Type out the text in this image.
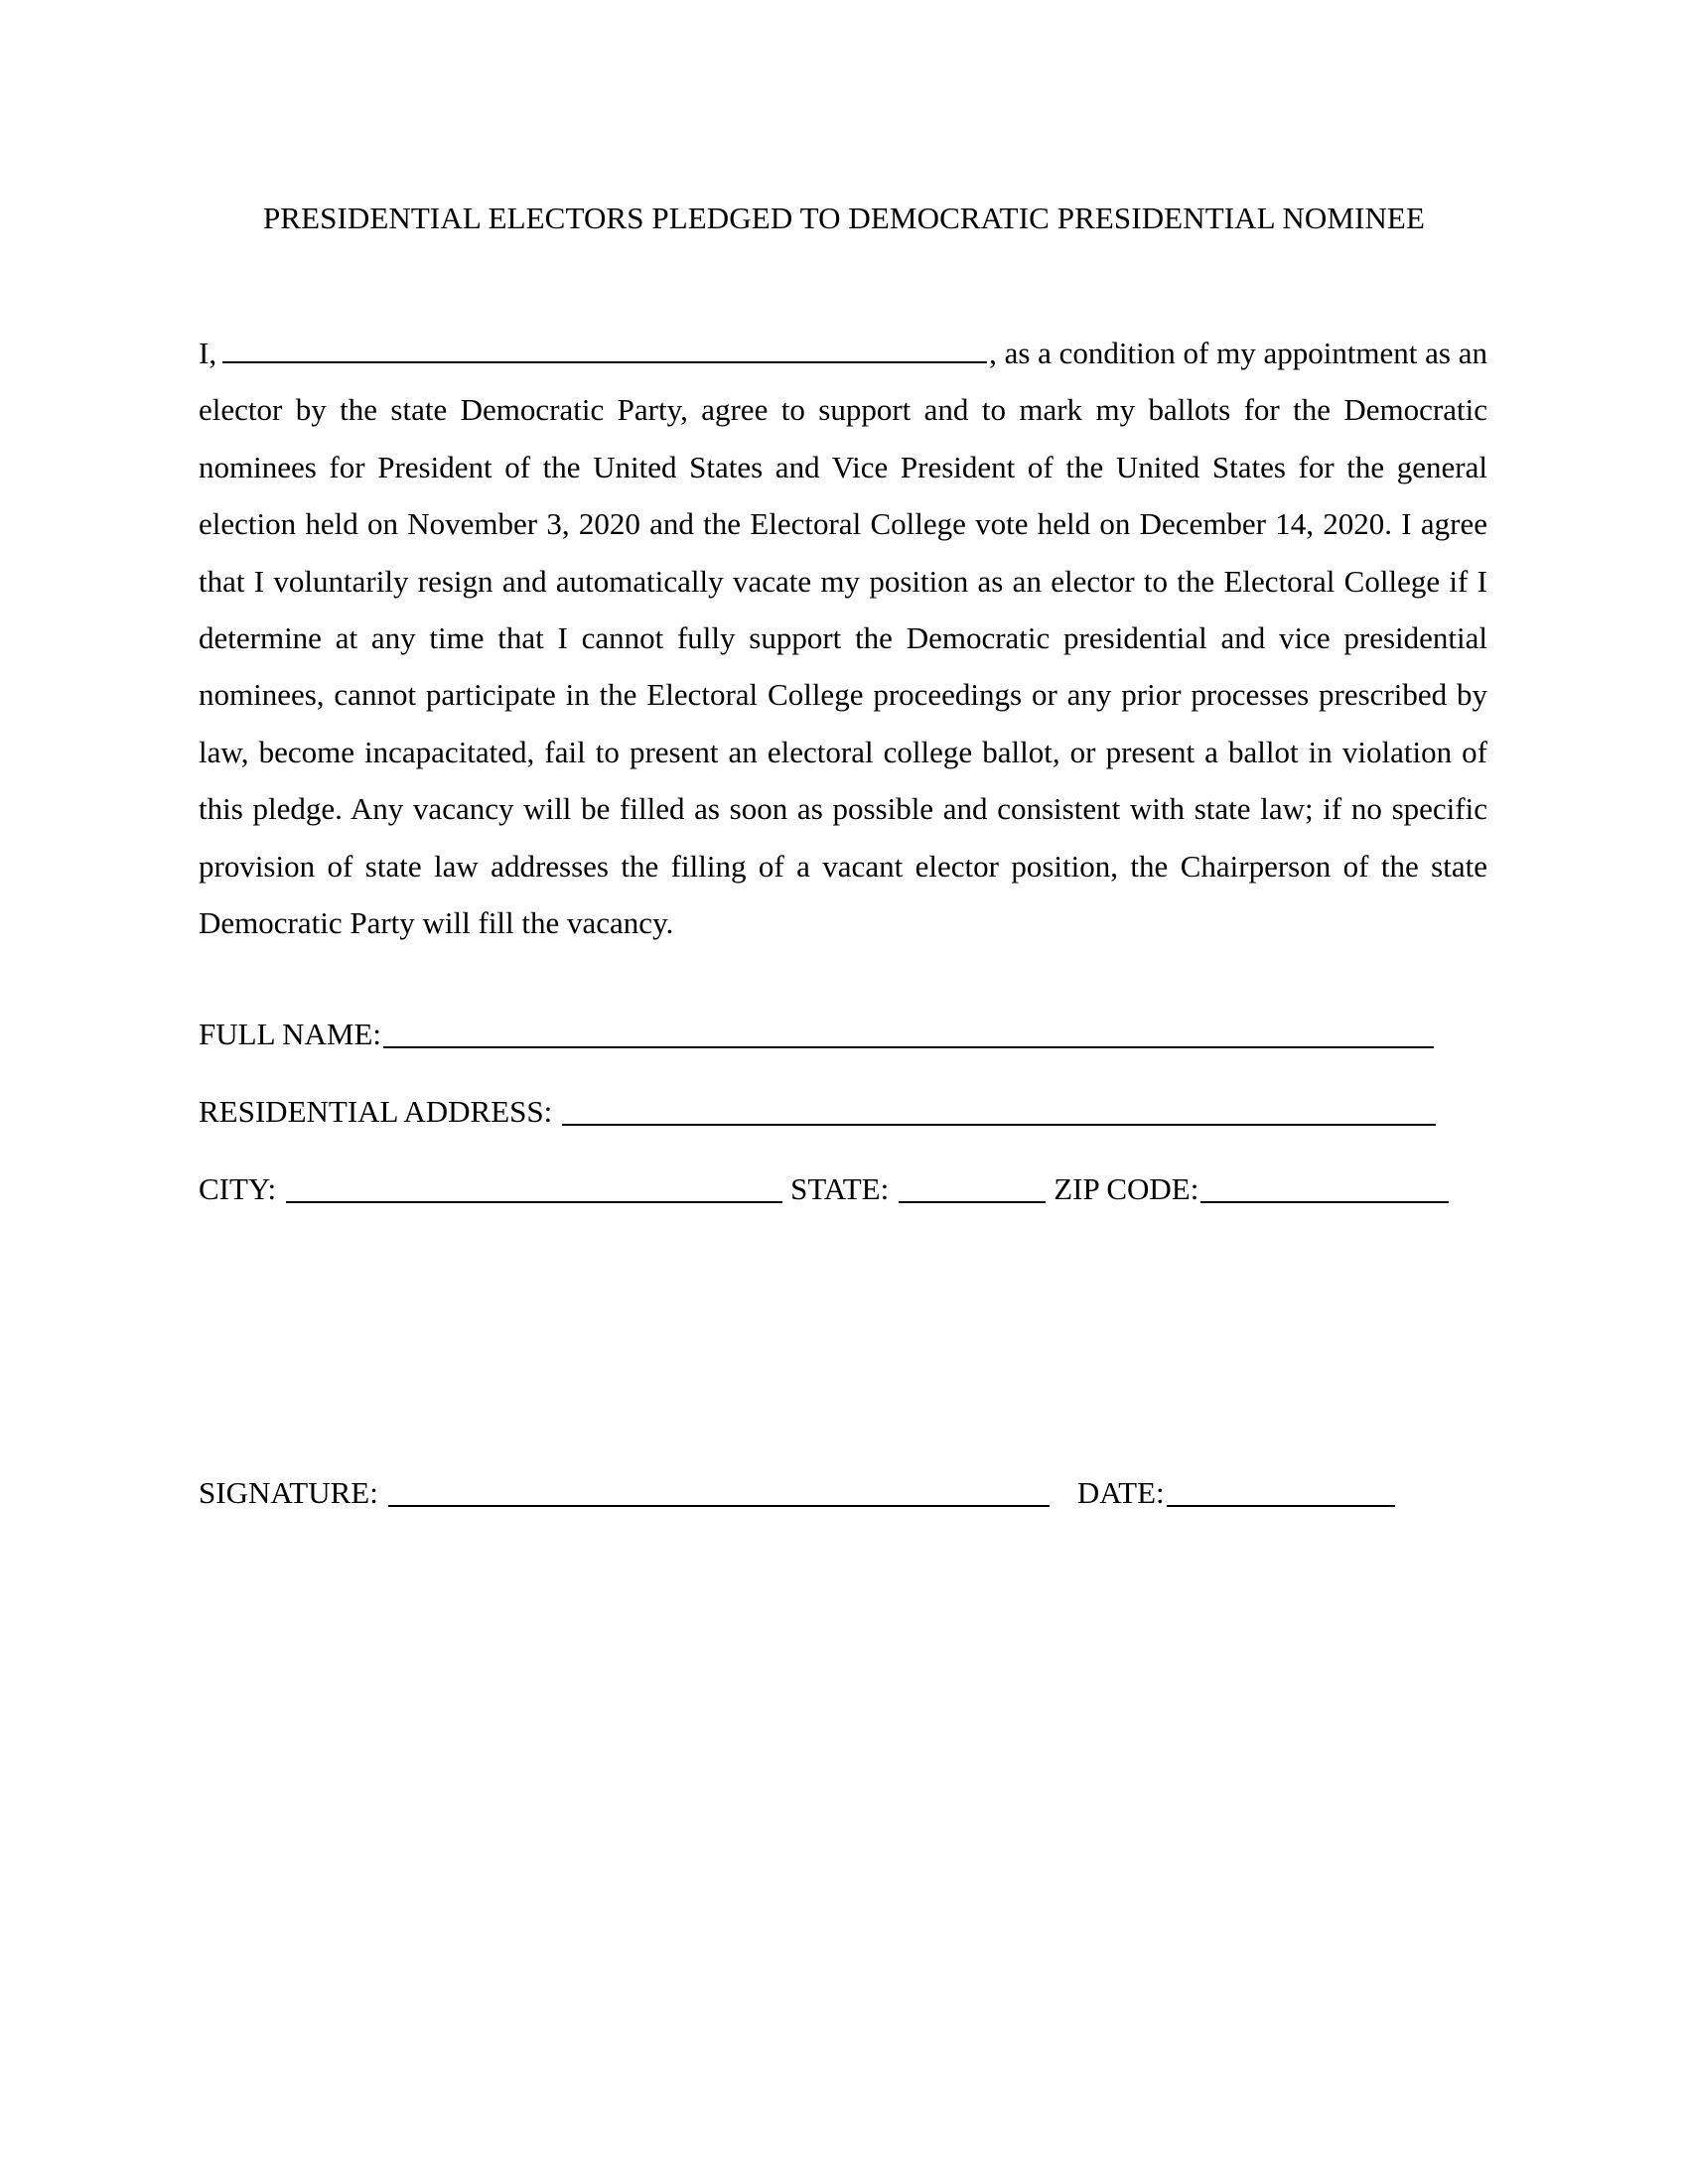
PRESIDENTIAL ELECTORS PLEDGED TO DEMOCRATIC PRESIDENTIAL NOMINEE
I,	, as a condition of my appointment as an elector by the state Democratic Party, agree to support and to mark my ballots for the Democratic nominees for President of the United States and Vice President of the United States for the general election held on November 3, 2020 and the Electoral College vote held on December 14, 2020. I agree that I voluntarily resign and automatically vacate my position as an elector to the Electoral College if I determine at any time that I cannot fully support the Democratic presidential and vice presidential nominees, cannot participate in the Electoral College proceedings or any prior processes prescribed by law, become incapacitated, fail to present an electoral college ballot, or present a ballot in violation of this pledge. Any vacancy will be filled as soon as possible and consistent with state law; if no specific provision of state law addresses the filling of a vacant elector position, the Chairperson of the state Democratic Party will fill the vacancy.
FULL NAME:
RESIDENTIAL ADDRESS:
CITY:	STATE:	ZIP CODE:
SIGNATURE:	DATE:
